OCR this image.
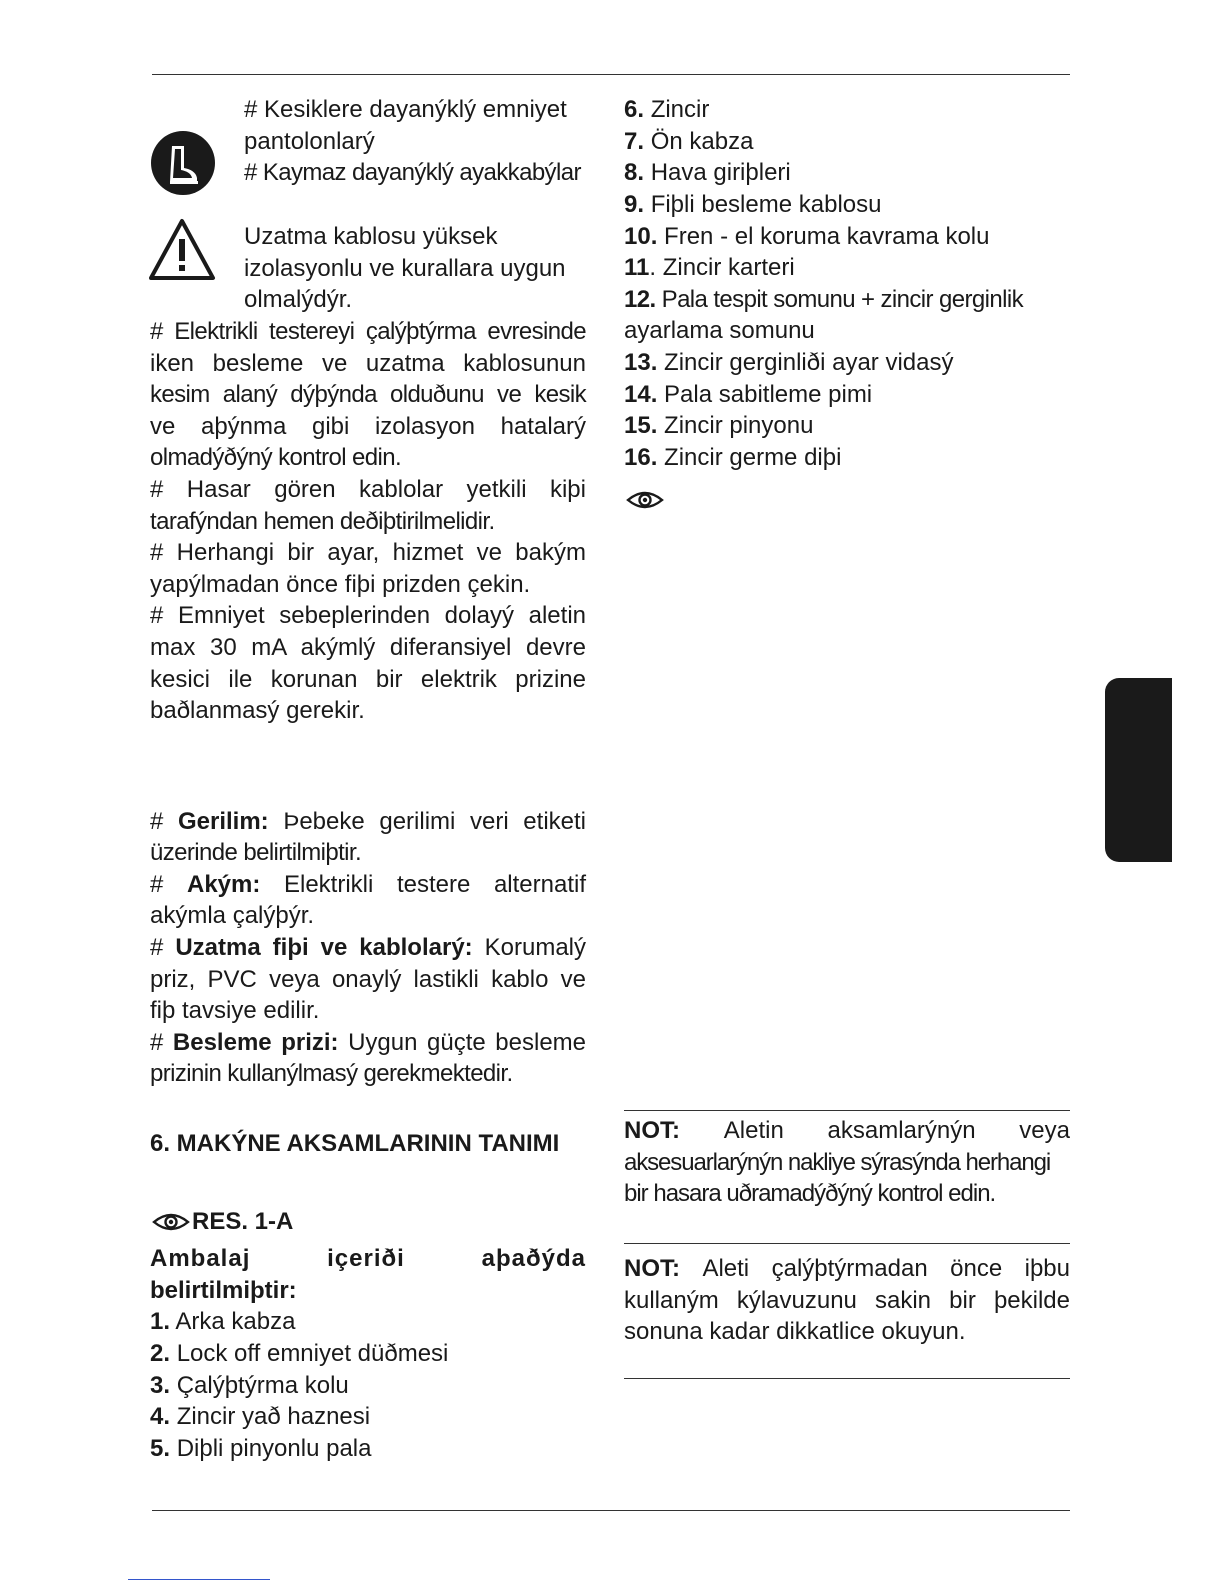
# Kesiklere dayanýklý emniyet

pantolonlarý

# Kaymaz dayanýklý ayakkabýlar

Uzatma kablosu yüksek

izolasyonlu ve kurallara uygun

olmalýdýr.

# Elektrikli testereyi çalýþtýrma evresinde

iken besleme ve uzatma kablosunun

kesim alaný dýþýnda olduðunu ve kesik

ve aþýnma gibi izolasyon hatalarý

olmadýðýný kontrol edin.

# Hasar gören kablolar yetkili kiþi

tarafýndan hemen deðiþtirilmelidir.

# Herhangi bir ayar, hizmet ve bakým

yapýlmadan önce fiþi prizden çekin.

# Emniyet sebeplerinden dolayý aletin

max 30 mA akýmlý diferansiyel devre

kesici ile korunan bir elektrik prizine

baðlanmasý gerekir.

# Gerilim: Þebeke gerilimi veri etiketi

üzerinde belirtilmiþtir.

# Akým: Elektrikli testere alternatif

akýmla çalýþýr.

# Uzatma fiþi ve kablolarý: Korumalý

priz, PVC veya onaylý lastikli kablo ve

fiþ tavsiye edilir.

# Besleme prizi: Uygun güçte besleme

prizinin kullanýlmasý gerekmektedir.

6. MAKÝNE AKSAMLARININ TANIMI

RES. 1-A

Ambalaj içeriði aþaðýda

belirtilmiþtir:

1. Arka kabza

2. Lock off emniyet düðmesi

3. Çalýþtýrma kolu

4. Zincir yað haznesi

5. Diþli pinyonlu pala

6. Zincir

7. Ön kabza

8. Hava giriþleri

9. Fiþli besleme kablosu

10. Fren - el koruma kavrama kolu

11. Zincir karteri

12. Pala tespit somunu + zincir gerginlik

ayarlama somunu

13. Zincir gerginliði ayar vidasý

14. Pala sabitleme pimi

15. Zincir pinyonu

16. Zincir germe diþi

NOT: Aletin aksamlarýnýn veya

aksesuarlarýnýn nakliye sýrasýnda herhangi

bir hasara uðramadýðýný kontrol edin.

NOT: Aleti çalýþtýrmadan önce iþbu

kullaným kýlavuzunu sakin bir þekilde

sonuna kadar dikkatlice okuyun.
